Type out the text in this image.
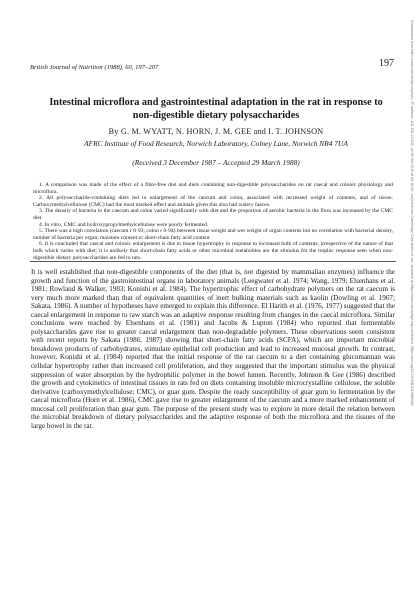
British Journal of Nutrition (1988), 60, 197–207	197
Intestinal microflora and gastrointestinal adaptation in the rat in response to non-digestible dietary polysaccharides
By G. M. WYATT, N. HORN, J. M. GEE and I. T. JOHNSON
AFRC Institute of Food Research, Norwich Laboratory, Colney Lane, Norwich NR4 7UA
(Received 3 December 1987 – Accepted 29 March 1988)
1. A comparison was made of the effect of a fibre-free diet and diets containing non-digestible polysaccharides on rat caecal and colonic physiology and microflora.
2. All polysaccharide-containing diets led to enlargement of the caecum and colon, associated with increased weight of contents, and of tissue. Carboxymethylcellulose (CMC) had the most marked effect and animals given this also had watery faeces.
3. The density of bacteria in the caecum and colon varied significantly with diet and the proportion of aerobic bacteria in the flora was increased by the CMC diet.
4. In vitro, CMC and hydroxypropylmethylcellulose were poorly fermented.
5. There was a high correlation (caecum r 0·93; colon r 0·94) between tissue weight and wet weight of organ contents but no correlation with bacterial density, number of bacteria per organ, moisture content or short-chain fatty acid content.
6. It is concluded that caecal and colonic enlargement is due to tissue hypertrophy in response to increased bulk of contents, irrespective of the nature of that bulk which varies with diet; it is unlikely that short-chain fatty acids or other microbial metabolites are the stimulus for the trophic response seen when non-digestible dietary polysaccharides are fed to rats.

It is well established that non-digestible components of the diet (that is, not digested by mammalian enzymes) influence the growth and function of the gastrointestinal organs in laboratory animals (Leegwater et al. 1974; Wang, 1979; Elsenhans et al. 1981; Rowland & Walker, 1983; Konishi et al. 1984). The hypertrophic effect of carbohydrate polymers on the rat caecum is very much more marked than that of equivalent quantities of inert bulking materials such as kaolin (Dowling et al. 1967; Sakata, 1986). A number of hypotheses have emerged to explain this difference. El Harith et al. (1976, 1977) suggested that the caecal enlargement in response to raw starch was an adaptive response resulting from changes in the caecal microflora. Similar conclusions were reached by Elsenhans et al. (1981) and Jacobs & Lupton (1984) who reported that fermentable polysaccharides gave rise to greater caecal enlargement than non-degradable polymers. These observations seem consistent with recent reports by Sakata (1986, 1987) showing that short-chain fatty acids (SCFA), which are important microbial breakdown products of carbohydrates, stimulate epithelial cell production and lead to increased mucosal growth. In contrast, however, Konishi et al. (1984) reported that the initial response of the rat caecum to a diet containing glucomannan was cellular hypertrophy rather than increased cell proliferation, and they suggested that the important stimulus was the physical suppression of water absorption by the hydrophilic polymer in the bowel lumen. Recently, Johnson & Gee (1986) described the growth and cytokinetics of intestinal tissues in rats fed on diets containing insoluble microcrystalline cellulose, the soluble derivative (carboxymethylcellulose; CMC), or guar gum. Despite the ready susceptibility of guar gum to fermentation by the caecal microflora (Horn et al. 1986), CMC gave rise to greater enlargement of the caecum and a more marked enhancement of mucosal cell proliferation than guar gum. The purpose of the present study was to explore in more detail the relation between the microbial breakdown of dietary polysaccharides and the adaptive response of both the microflora and the tissues of the large bowel in the rat.

Downloaded from https://www.cambridge.org/core. IP address: 101.181.23.105, on 06 Oct 2019 at 09:16:06, subject to the Cambridge Core terms of use, available at https://www.cambridge.org/core/terms. https://doi.org/10.1079/BJN19880088
